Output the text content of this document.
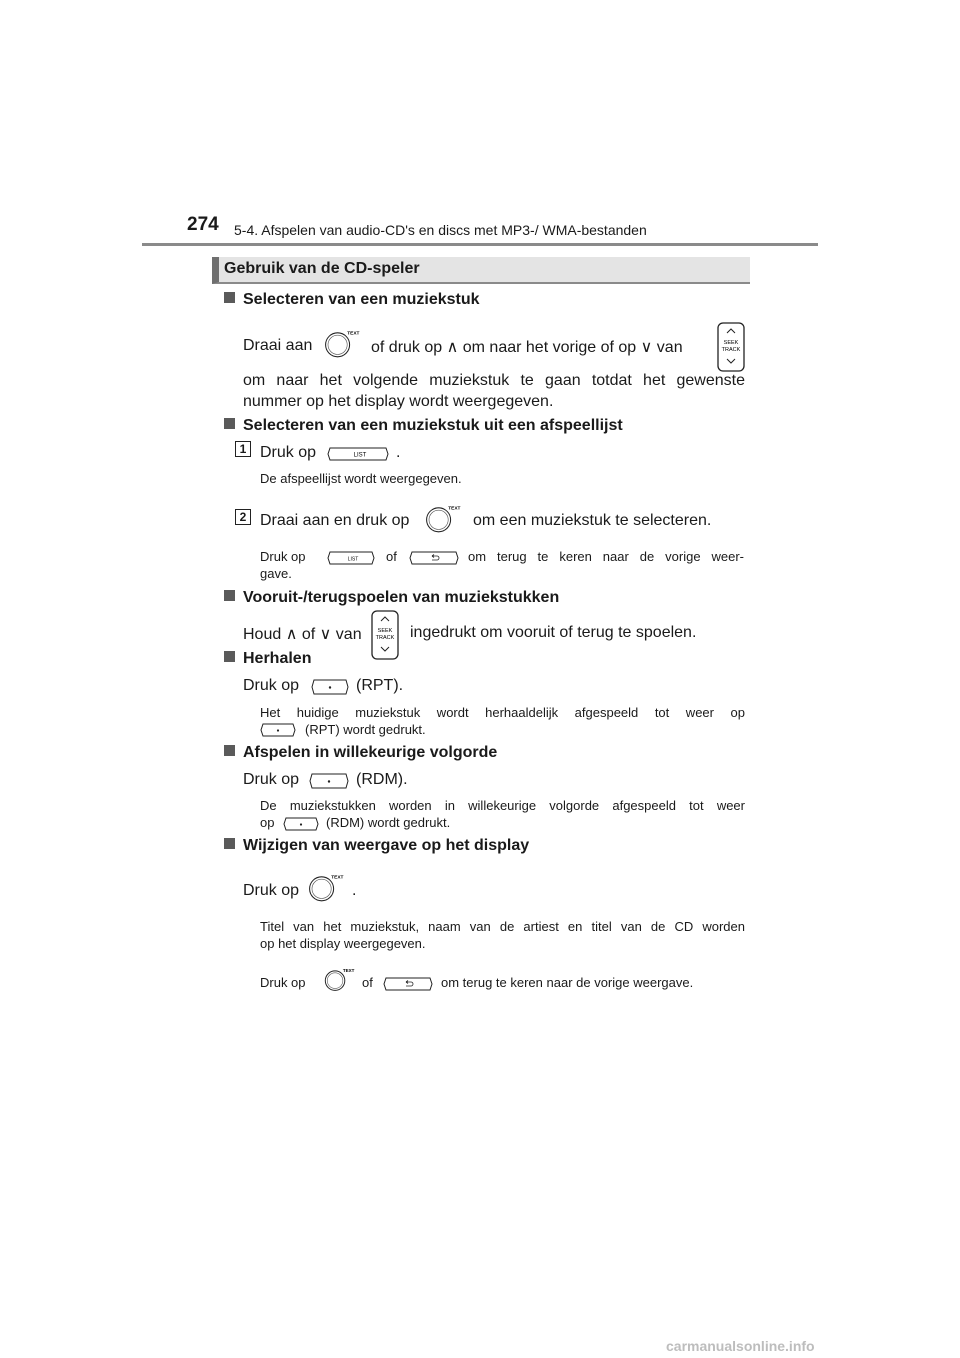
274 5-4. Afspelen van audio-CD's en discs met MP3-/ WMA-bestanden
Gebruik van de CD-speler
Selecteren van een muziekstuk
Draai aan
TEXT
of druk op ∧ om naar het vorige of op ∨ van	SEEK
TRACK
om naar het volgende muziekstuk te gaan totdat het gewenste
nummer op het display wordt weergegeven.
Selecteren van een muziekstuk uit een afspeellijst
1 Druk op	LIST .
De afspeellijst wordt weergegeven.
2 Draai aan en druk op
TEXT
om een muziekstuk te selecteren.
Druk op	LIST of	om terug te keren naar de vorige weer-
gave.
Vooruit-/terugspoelen van muziekstukken
Houd ∧ of ∨ van	SEEK
TRACK ingedrukt om vooruit of terug te spoelen.
Herhalen
Druk op	(RPT).
Het huidige muziekstuk wordt herhaaldelijk afgespeeld tot weer op
(RPT) wordt gedrukt.
Afspelen in willekeurige volgorde
Druk op	(RDM).
De muziekstukken worden in willekeurige volgorde afgespeeld tot weer
op	(RDM) wordt gedrukt.
Wijzigen van weergave op het display
Druk op
TEXT
.
Titel van het muziekstuk, naam van de artiest en titel van de CD worden
op het display weergegeven.
Druk op
TEXT
of	om terug te keren naar de vorige weergave.
carmanualsonline.info
